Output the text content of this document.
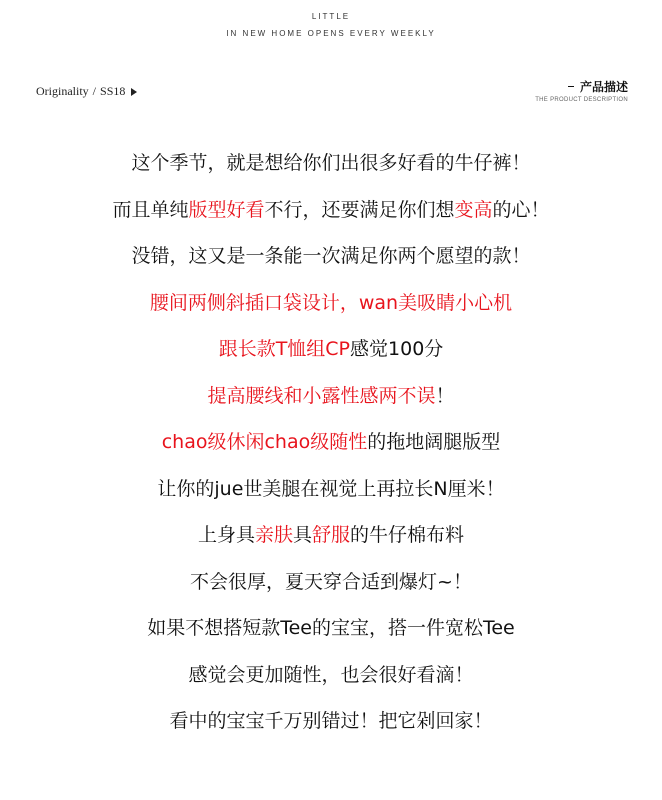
LITTLE
IN NEW HOME OPENS EVERY WEEKLY
Originality / SS18	产品描述
THE PRODUCT DESCRIPTION
这个季节，就是想给你们出很多好看的牛仔裤！
而且单纯版型好看不行，还要满足你们想变高的心！
没错，这又是一条能一次满足你两个愿望的款！
腰间两侧斜插口袋设计，wan美吸睛小心机
跟长款T恤组CP感觉100分
提高腰线和小露性感两不误！
chao级休闲chao级随性的拖地阔腿版型
让你的jue世美腿在视觉上再拉长N厘米！
上身具亲肤具舒服的牛仔棉布料
不会很厚，夏天穿合适到爆灯~！
如果不想搭短款Tee的宝宝，搭一件宽松Tee
感觉会更加随性，也会很好看滴！
看中的宝宝千万别错过！把它剁回家！
